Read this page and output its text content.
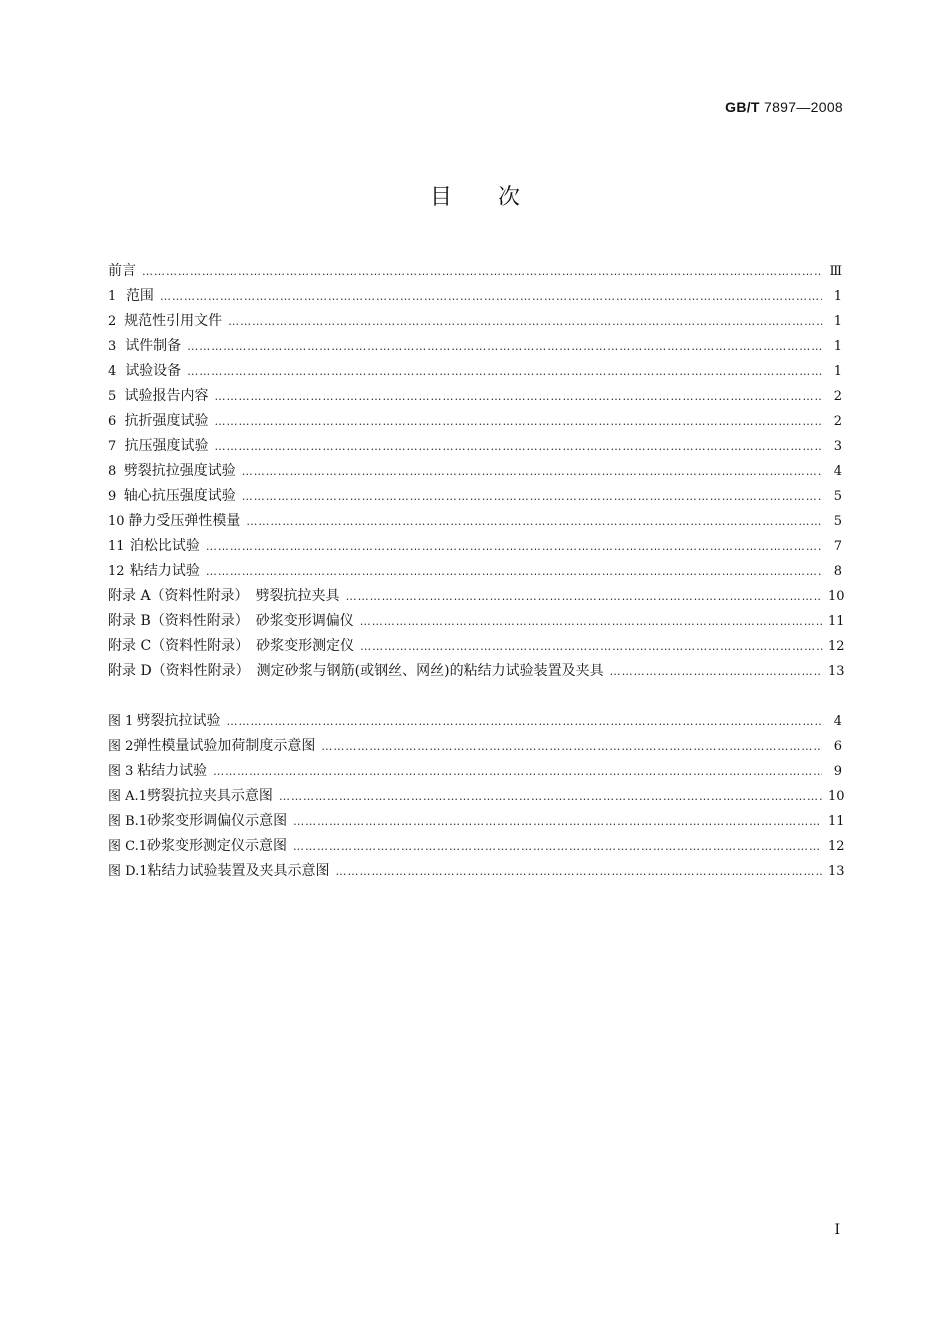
GB/T 7897—2008
目次
前言 ……………………………………………………………………………………………………………………………………………………………………………………………………………………	Ⅲ
1 范围 ……………………………………………………………………………………………………………………………………………………………………………………………………………………	1
2 规范性引用文件 ……………………………………………………………………………………………………………………………………………………………………………………………………………………	1
3 试件制备 ……………………………………………………………………………………………………………………………………………………………………………………………………………………	1
4 试验设备 ……………………………………………………………………………………………………………………………………………………………………………………………………………………	1
5 试验报告内容 ……………………………………………………………………………………………………………………………………………………………………………………………………………………	2
6 抗折强度试验 ……………………………………………………………………………………………………………………………………………………………………………………………………………………	2
7 抗压强度试验 ……………………………………………………………………………………………………………………………………………………………………………………………………………………	3
8 劈裂抗拉强度试验 ……………………………………………………………………………………………………………………………………………………………………………………………………………………	4
9 轴心抗压强度试验 ……………………………………………………………………………………………………………………………………………………………………………………………………………………	5
10 静力受压弹性模量 ……………………………………………………………………………………………………………………………………………………………………………………………………………………	5
11 泊松比试验 ……………………………………………………………………………………………………………………………………………………………………………………………………………………	7
12 粘结力试验 ……………………………………………………………………………………………………………………………………………………………………………………………………………………	8
附录 A（资料性附录）　劈裂抗拉夹具 ……………………………………………………………………………………………………………………………………………………………………………………………………………………	10
附录 B（资料性附录）　砂浆变形调偏仪 ……………………………………………………………………………………………………………………………………………………………………………………………………………………	11
附录 C（资料性附录）　砂浆变形测定仪 ……………………………………………………………………………………………………………………………………………………………………………………………………………………	12
附录 D（资料性附录）　测定砂浆与钢筋(或钢丝、网丝)的粘结力试验装置及夹具 ……………………………………………………………………………………………………………………………………………………………………………………………………………………	13
图 1 劈裂抗拉试验 ……………………………………………………………………………………………………………………………………………………………………………………………………………………	4
图 2 弹性模量试验加荷制度示意图 ……………………………………………………………………………………………………………………………………………………………………………………………………………………	6
图 3 粘结力试验 ……………………………………………………………………………………………………………………………………………………………………………………………………………………	9
图 A.1 劈裂抗拉夹具示意图 ……………………………………………………………………………………………………………………………………………………………………………………………………………………	10
图 B.1 砂浆变形调偏仪示意图 ……………………………………………………………………………………………………………………………………………………………………………………………………………………	11
图 C.1 砂浆变形测定仪示意图 ……………………………………………………………………………………………………………………………………………………………………………………………………………………	12
图 D.1 粘结力试验装置及夹具示意图 ……………………………………………………………………………………………………………………………………………………………………………………………………………………	13
I
